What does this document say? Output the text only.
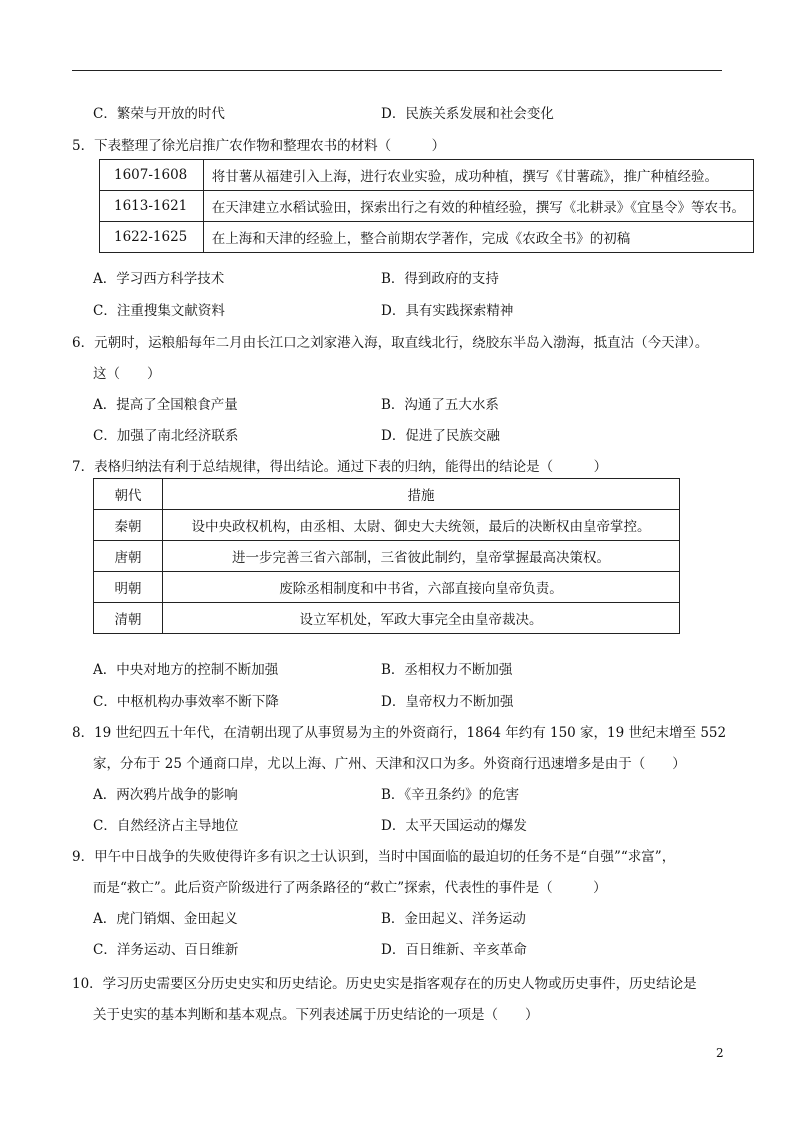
C．繁荣与开放的时代	D．民族关系发展和社会变化
5．下表整理了徐光启推广农作物和整理农书的材料（　　　）
1607-1608	将甘薯从福建引入上海，进行农业实验，成功种植，撰写《甘薯疏》，推广种植经验。
1613-1621	在天津建立水稻试验田，探索出行之有效的种植经验，撰写《北耕录》《宜垦令》等农书。
1622-1625	在上海和天津的经验上，整合前期农学著作，完成《农政全书》的初稿
A．学习西方科学技术	B．得到政府的支持
C．注重搜集文献资料	D．具有实践探索精神
6．元朝时，运粮船每年二月由长江口之刘家港入海，取直线北行，绕胶东半岛入渤海，抵直沽（今天津）。
这（　　）
A．提高了全国粮食产量	B．沟通了五大水系
C．加强了南北经济联系	D．促进了民族交融
7．表格归纳法有利于总结规律，得出结论。通过下表的归纳，能得出的结论是（　　　）
朝代	措施
秦朝	设中央政权机构，由丞相、太尉、御史大夫统领，最后的决断权由皇帝掌控。
唐朝	进一步完善三省六部制，三省彼此制约，皇帝掌握最高决策权。
明朝	废除丞相制度和中书省，六部直接向皇帝负责。
清朝	设立军机处，军政大事完全由皇帝裁决。
A．中央对地方的控制不断加强	B．丞相权力不断加强
C．中枢机构办事效率不断下降	D．皇帝权力不断加强
8．19 世纪四五十年代，在清朝出现了从事贸易为主的外资商行，1864 年约有 150 家，19 世纪末增至 552
家，分布于 25 个通商口岸，尤以上海、广州、天津和汉口为多。外资商行迅速增多是由于（　　）
A．两次鸦片战争的影响	B．《辛丑条约》的危害
C．自然经济占主导地位	D．太平天国运动的爆发
9．甲午中日战争的失败使得许多有识之士认识到，当时中国面临的最迫切的任务不是“自强”“求富”，
而是“救亡”。此后资产阶级进行了两条路径的“救亡”探索，代表性的事件是（　　　）
A．虎门销烟、金田起义	B．金田起义、洋务运动
C．洋务运动、百日维新	D．百日维新、辛亥革命
10．学习历史需要区分历史史实和历史结论。历史史实是指客观存在的历史人物或历史事件，历史结论是
关于史实的基本判断和基本观点。下列表述属于历史结论的一项是（　　）
2
